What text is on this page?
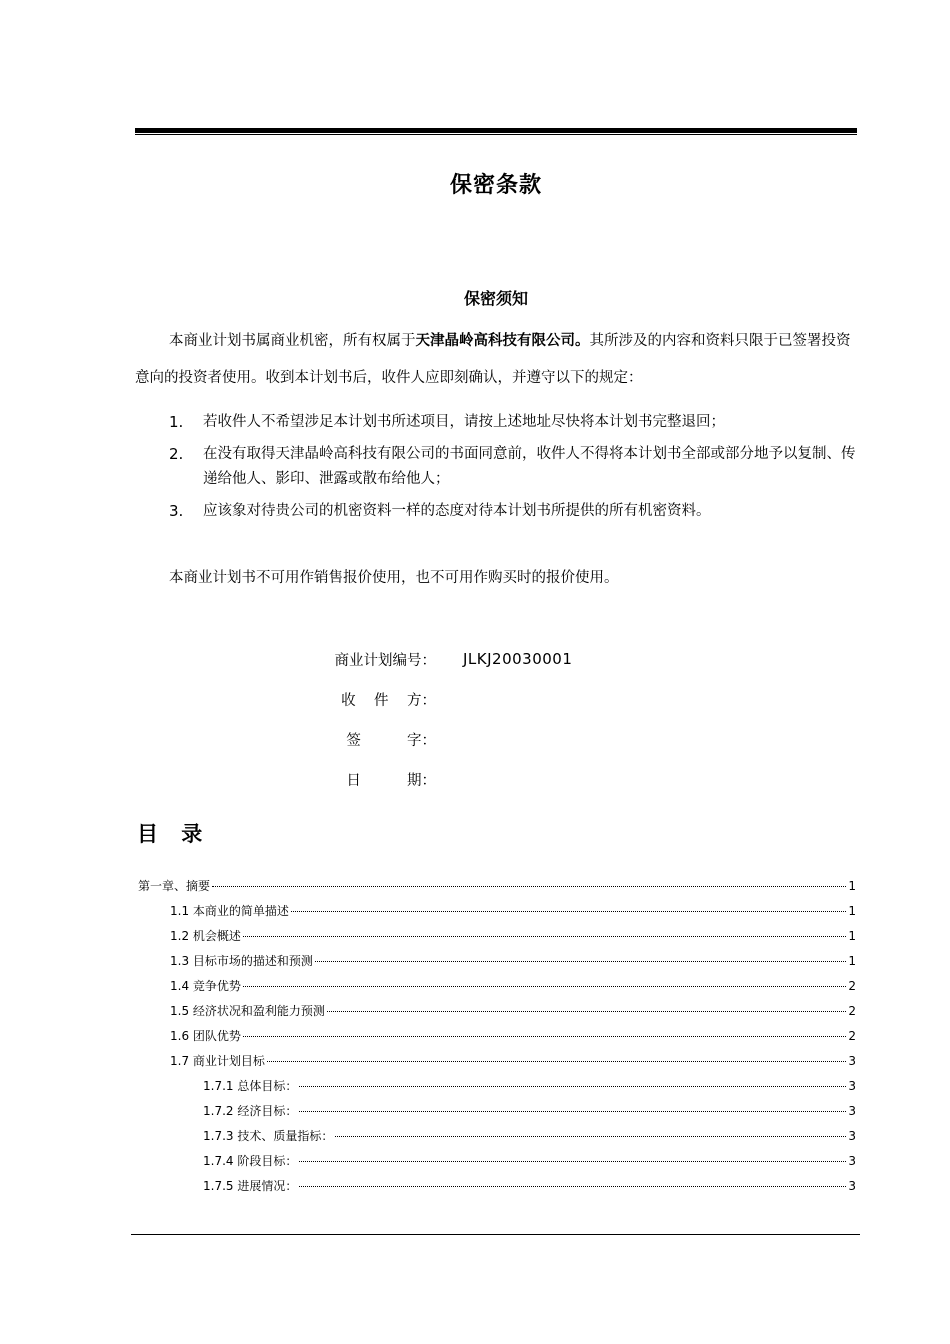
保密条款
保密须知
本商业计划书属商业机密，所有权属于天津晶岭高科技有限公司。其所涉及的内容和资料只限于已签署投资意向的投资者使用。收到本计划书后，收件人应即刻确认，并遵守以下的规定：
1. 若收件人不希望涉足本计划书所述项目，请按上述地址尽快将本计划书完整退回；
2. 在没有取得天津晶岭高科技有限公司的书面同意前，收件人不得将本计划书全部或部分地予以复制、传递给他人、影印、泄露或散布给他人；
3. 应该象对待贵公司的机密资料一样的态度对待本计划书所提供的所有机密资料。
本商业计划书不可用作销售报价使用，也不可用作购买时的报价使用。
商业计划编号： JLKJ20030001
收    件    方：
签          字：
日          期：
目 录
第一章、摘要	1
1.1 本商业的简单描述	1
1.2 机会概述	1
1.3 目标市场的描述和预测	1
1.4 竞争优势	2
1.5 经济状况和盈利能力预测	2
1.6 团队优势	2
1.7 商业计划目标	3
1.7.1 总体目标：	3
1.7.2 经济目标：	3
1.7.3 技术、质量指标：	3
1.7.4 阶段目标：	3
1.7.5 进展情况：	3
